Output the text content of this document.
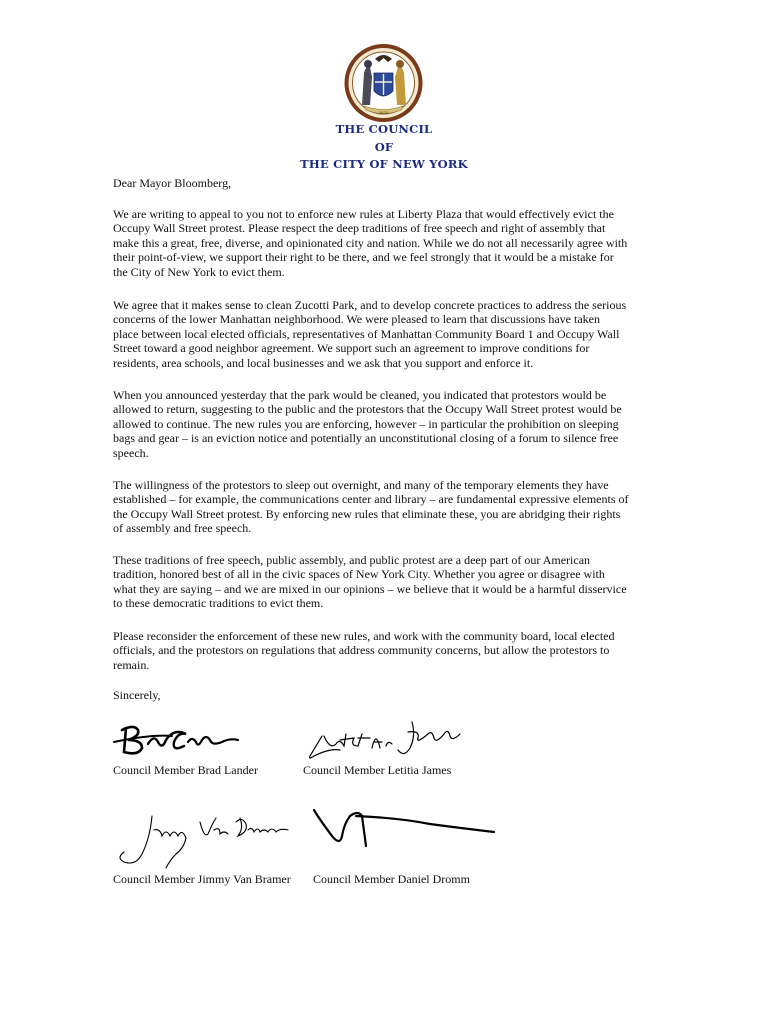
1625
THE COUNCIL
OF
THE CITY OF NEW YORK
Dear Mayor Bloomberg,
We are writing to appeal to you not to enforce new rules at Liberty Plaza that would effectively evict the
Occupy Wall Street protest. Please respect the deep traditions of free speech and right of assembly that
make this a great, free, diverse, and opinionated city and nation. While we do not all necessarily agree with
their point-of-view, we support their right to be there, and we feel strongly that it would be a mistake for
the City of New York to evict them.
We agree that it makes sense to clean Zucotti Park, and to develop concrete practices to address the serious
concerns of the lower Manhattan neighborhood. We were pleased to learn that discussions have taken
place between local elected officials, representatives of Manhattan Community Board 1 and Occupy Wall
Street toward a good neighbor agreement. We support such an agreement to improve conditions for
residents, area schools, and local businesses and we ask that you support and enforce it.
When you announced yesterday that the park would be cleaned, you indicated that protestors would be
allowed to return, suggesting to the public and the protestors that the Occupy Wall Street protest would be
allowed to continue. The new rules you are enforcing, however – in particular the prohibition on sleeping
bags and gear – is an eviction notice and potentially an unconstitutional closing of a forum to silence free
speech.
The willingness of the protestors to sleep out overnight, and many of the temporary elements they have
established – for example, the communications center and library – are fundamental expressive elements of
the Occupy Wall Street protest. By enforcing new rules that eliminate these, you are abridging their rights
of assembly and free speech.
These traditions of free speech, public assembly, and public protest are a deep part of our American
tradition, honored best of all in the civic spaces of New York City. Whether you agree or disagree with
what they are saying – and we are mixed in our opinions – we believe that it would be a harmful disservice
to these democratic traditions to evict them.
Please reconsider the enforcement of these new rules, and work with the community board, local elected
officials, and the protestors on regulations that address community concerns, but allow the protestors to
remain.
Sincerely,
Council Member Brad Lander	Council Member Letitia James
Council Member Jimmy Van Bramer Council Member Daniel Dromm
